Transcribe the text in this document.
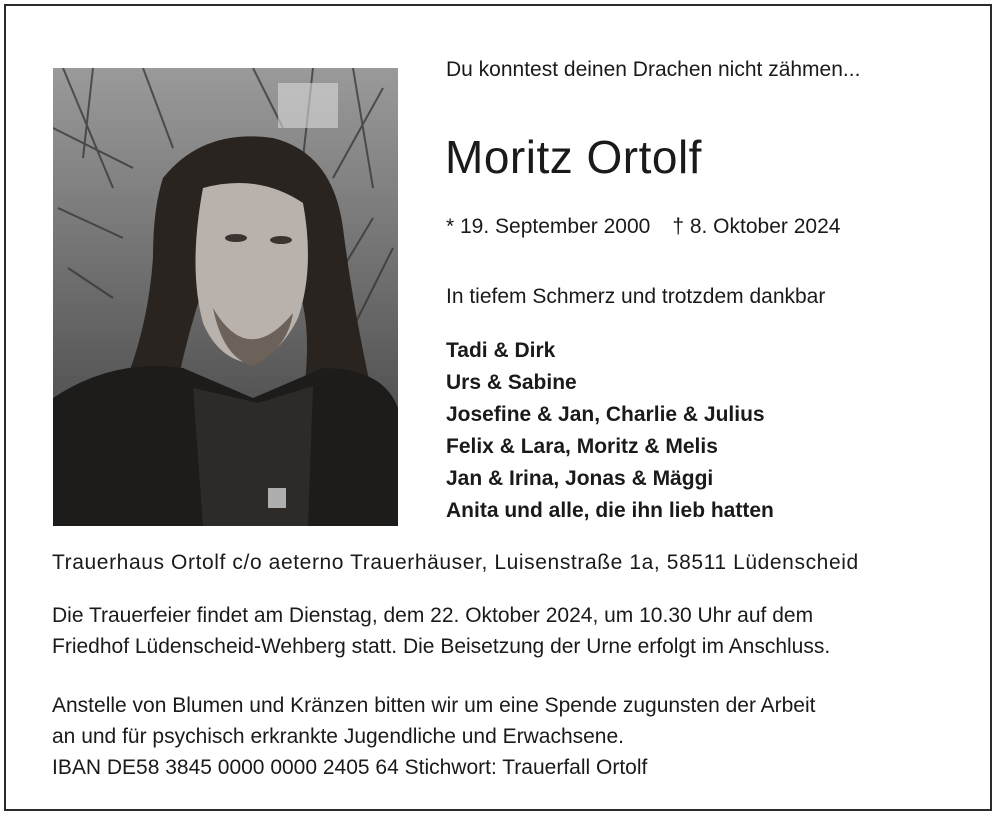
Du konntest deinen Drachen nicht zähmen...

Moritz Ortolf

* 19. September 2000 † 8. Oktober 2024

In tiefem Schmerz und trotzdem dankbar

Tadi & Dirk
Urs & Sabine
Josefine & Jan, Charlie & Julius
Felix & Lara, Moritz & Melis
Jan & Irina, Jonas & Mäggi
Anita und alle, die ihn lieb hatten

Trauerhaus Ortolf c/o aeterno Trauerhäuser, Luisenstraße 1a, 58511 Lüdenscheid

Die Trauerfeier findet am Dienstag, dem 22. Oktober 2024, um 10.30 Uhr auf dem

Friedhof Lüdenscheid-Wehberg statt. Die Beisetzung der Urne erfolgt im Anschluss.

Anstelle von Blumen und Kränzen bitten wir um eine Spende zugunsten der Arbeit

an und für psychisch erkrankte Jugendliche und Erwachsene.

IBAN DE58 3845 0000 0000 2405 64 Stichwort: Trauerfall Ortolf
